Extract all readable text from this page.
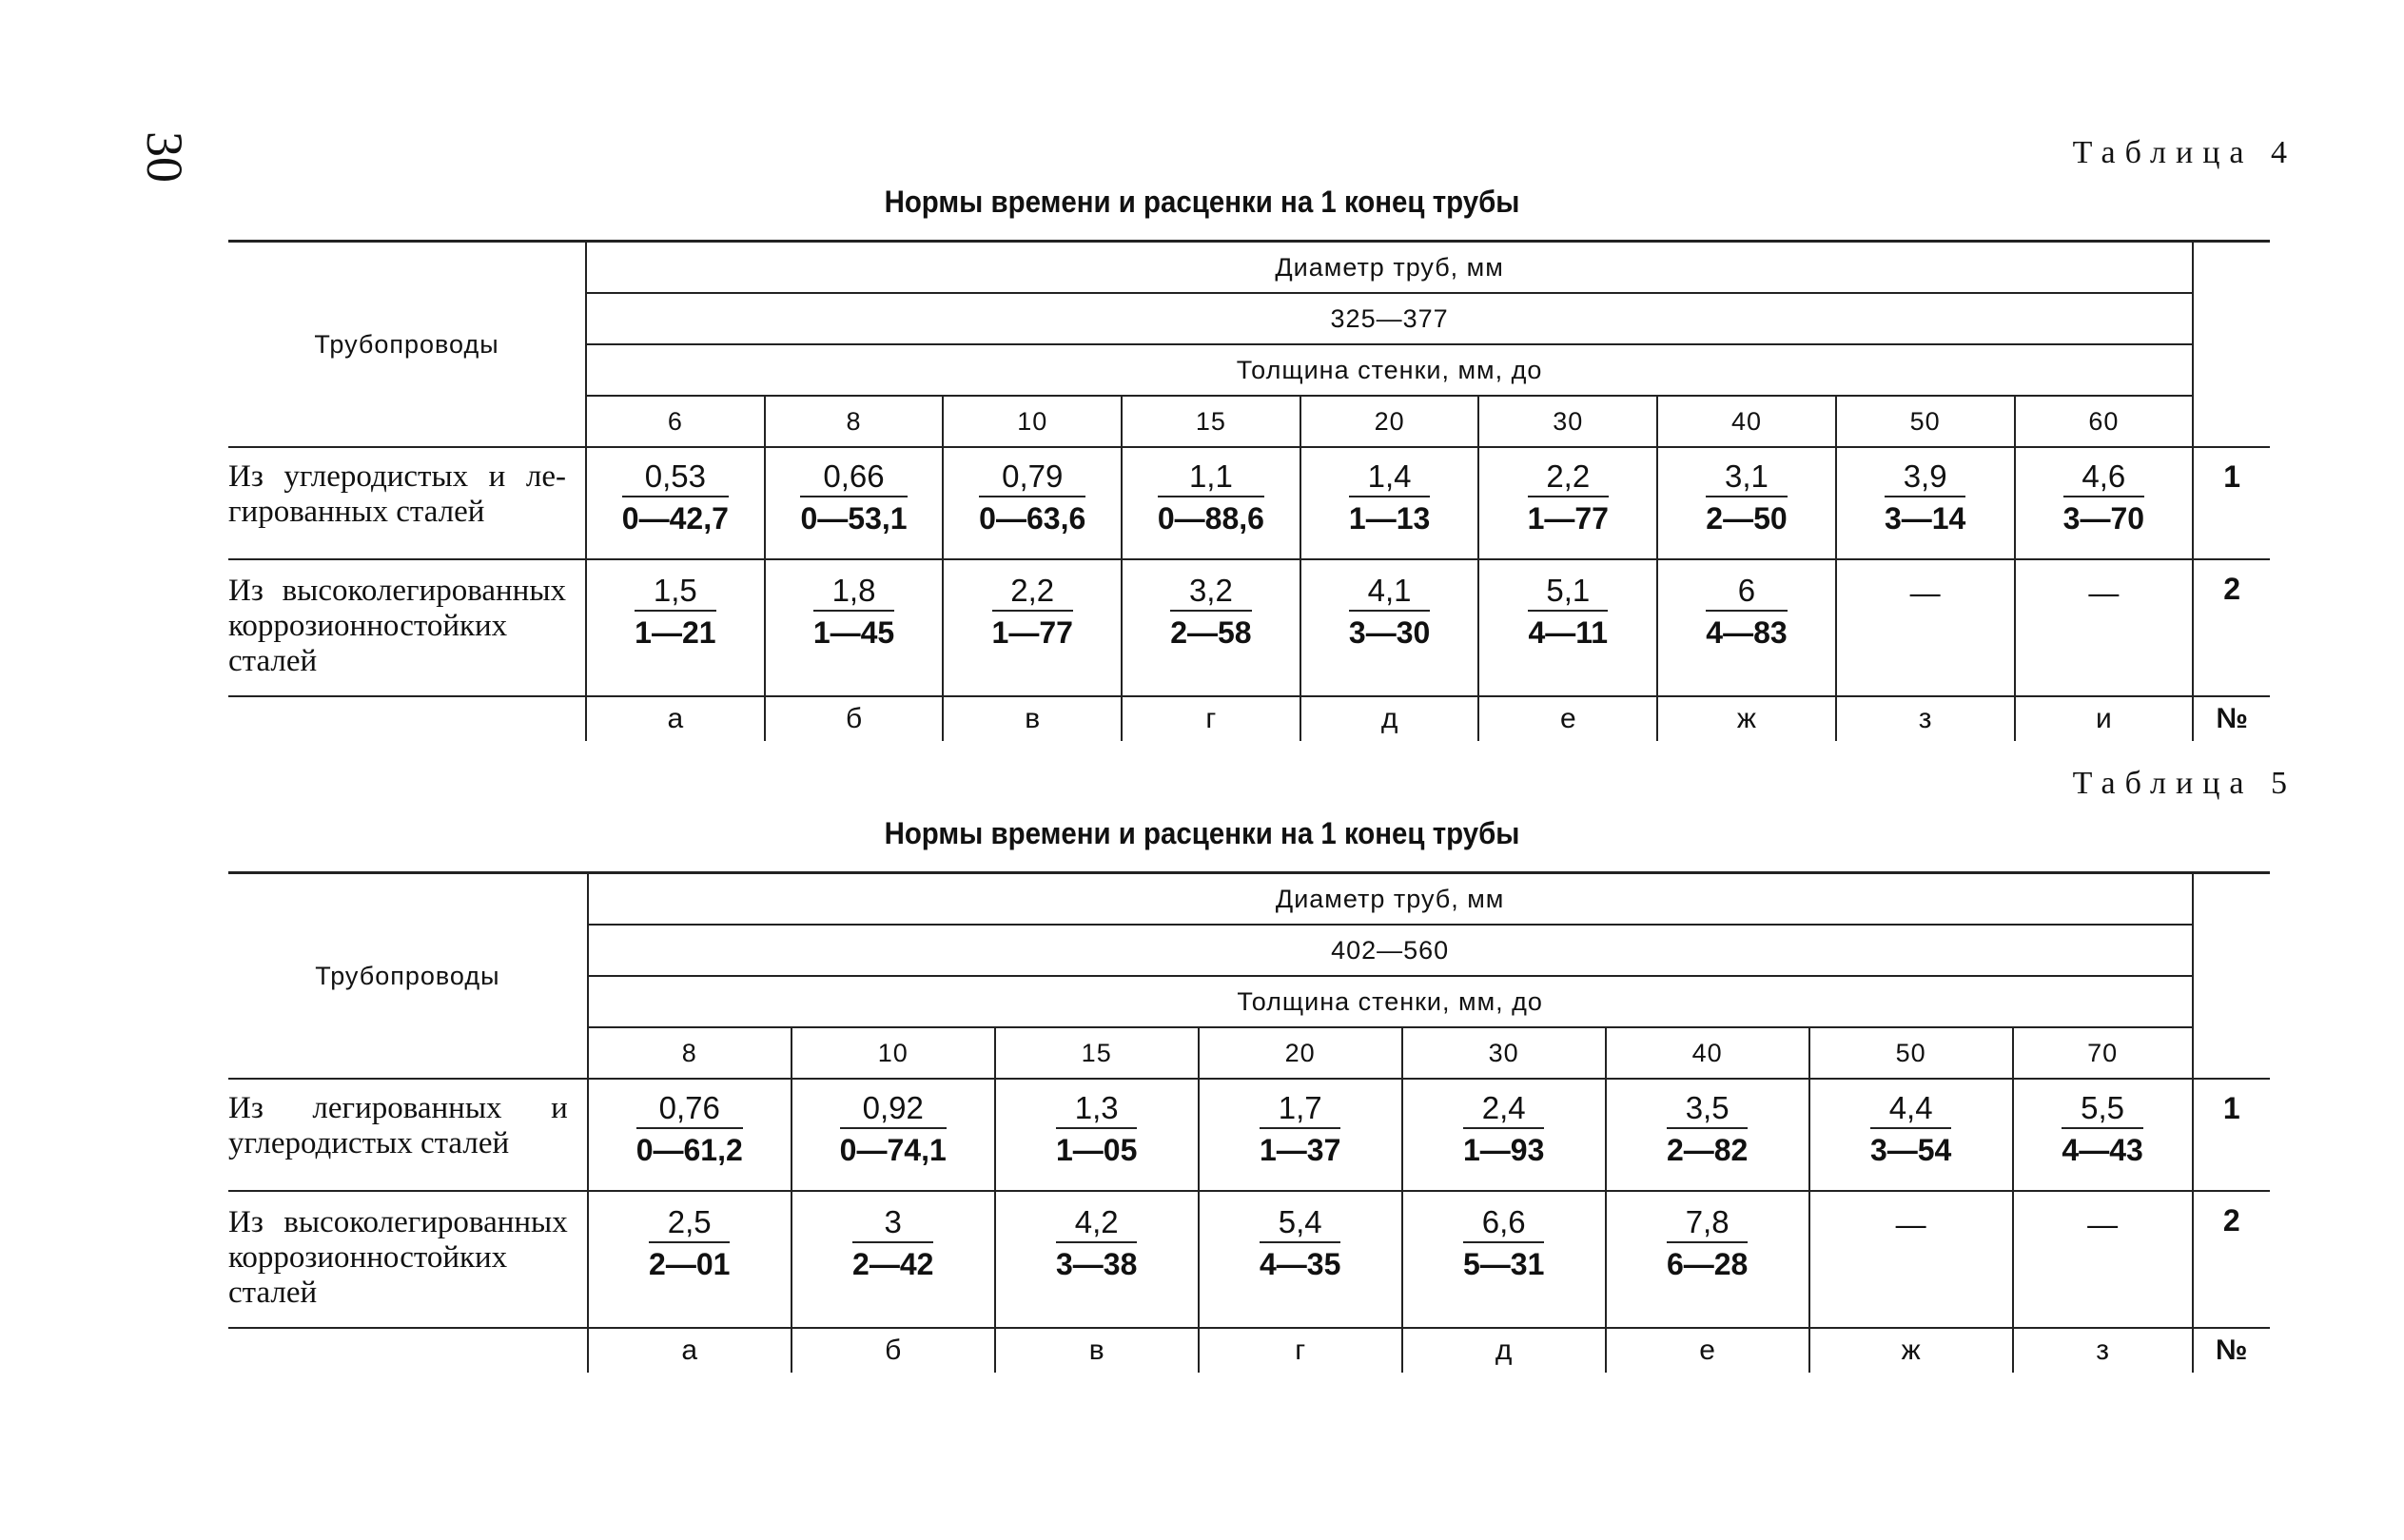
30	Таблица 4
Нормы времени и расценки на 1 конец трубы
Трубопроводы	Диаметр труб, мм									
	325—377									
	Толщина стенки, мм, до									
	6	8	10	15	20	30	40	50	60	
Из углеродистых и легированных сталей	$\frac{0,53}{0—42,7}$	$\frac{0,66}{0—53,1}$	$\frac{0,79}{0—63,6}$	$\frac{1,1}{0—88,6}$	$\frac{1,4}{1—13}$	$\frac{2,2}{1—77}$	$\frac{3,1}{2—50}$	$\frac{3,9}{3—14}$	$\frac{4,6}{3—70}$	1
Из высоколегированных коррозионностойких сталей	$\frac{1,5}{1—21}$	$\frac{1,8}{1—45}$	$\frac{2,2}{1—77}$	$\frac{3,2}{2—58}$	$\frac{4,1}{3—30}$	$\frac{5,1}{4—11}$	$\frac{6}{4—83}$	—	—	2
	а	б	в	г	д	е	ж	з	и	№
Таблица 5
Нормы времени и расценки на 1 конец трубы
Трубопроводы	Диаметр труб, мм								
	402—560								
	Толщина стенки, мм, до								
	8	10	15	20	30	40	50	70	
Из легированных и углеродистых сталей	$\frac{0,76}{0—61,2}$	$\frac{0,92}{0—74,1}$	$\frac{1,3}{1—05}$	$\frac{1,7}{1—37}$	$\frac{2,4}{1—93}$	$\frac{3,5}{2—82}$	$\frac{4,4}{3—54}$	$\frac{5,5}{4—43}$	1
Из высоколегированных коррозионностойких сталей	$\frac{2,5}{2—01}$	$\frac{3}{2—42}$	$\frac{4,2}{3—38}$	$\frac{5,4}{4—35}$	$\frac{6,6}{5—31}$	$\frac{7,8}{6—28}$	—	—	2
	а	б	в	г	д	е	ж	з	№
